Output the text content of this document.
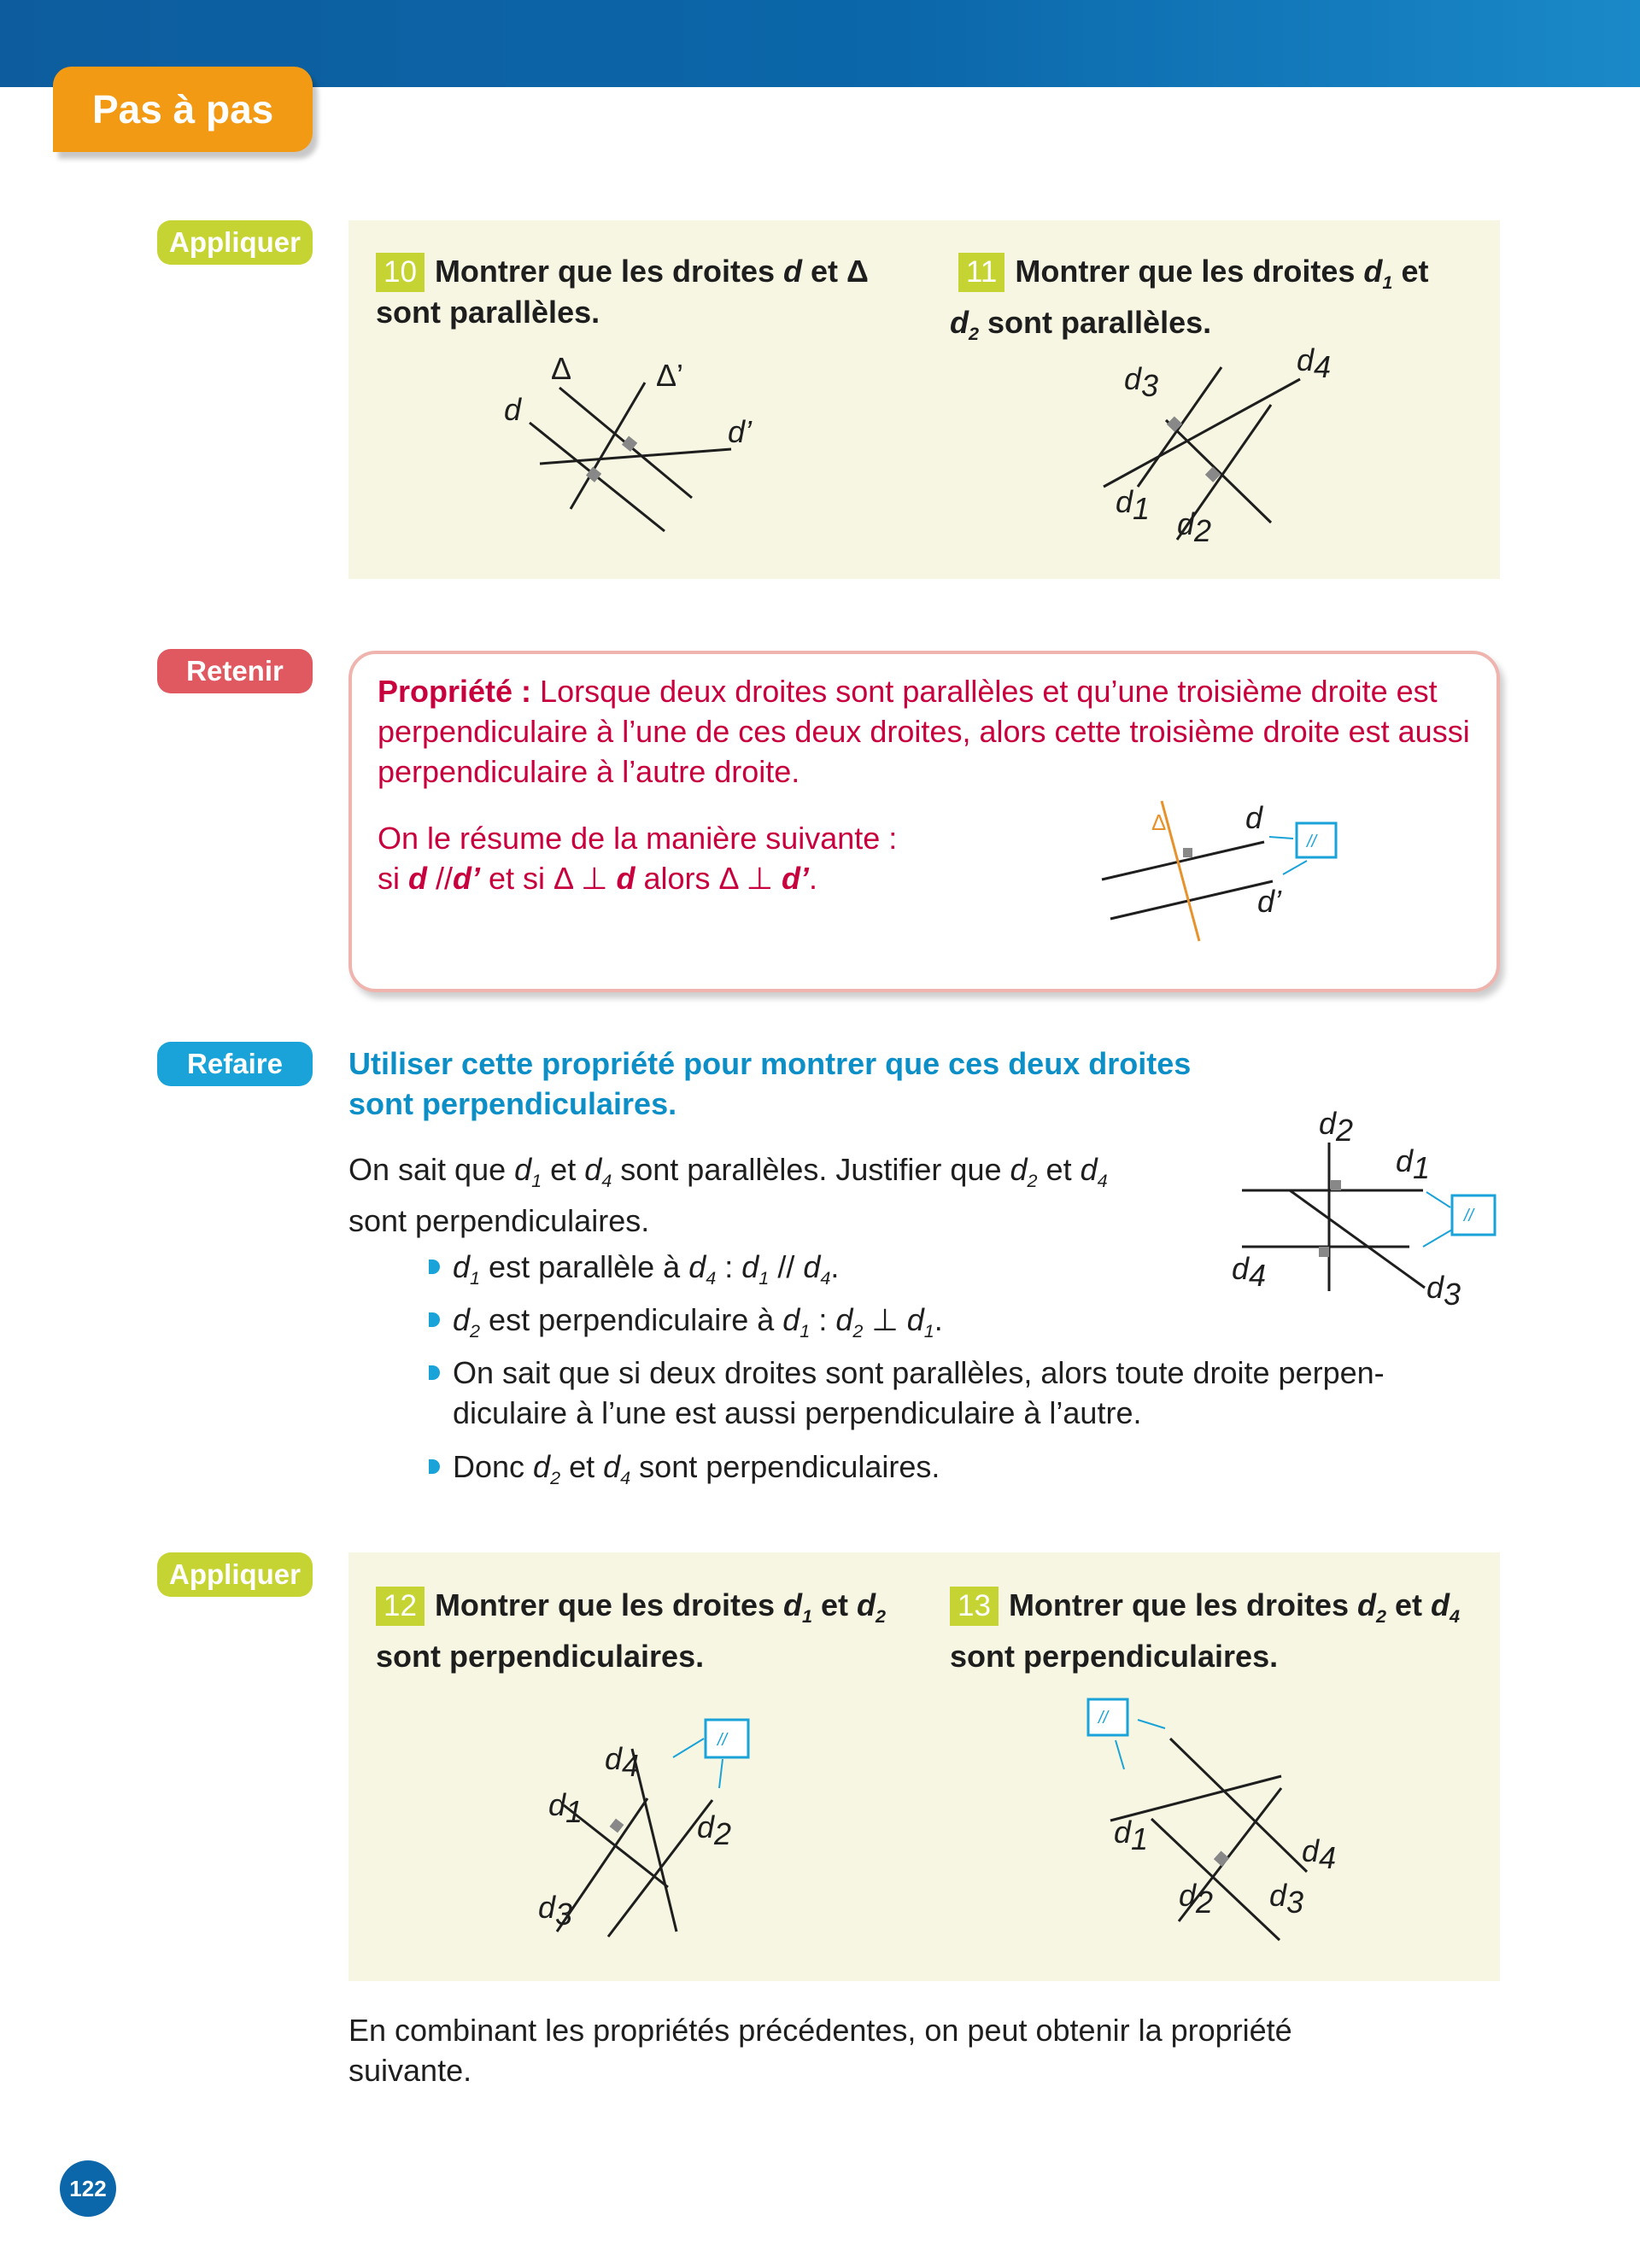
Pas à pas
Appliquer
10 Montrer que les droites d et Δ
sont parallèles.
11 Montrer que les droites $d_1$ et
$d_2$ sont parallèles.
Δ	Δ’
d
d’
d4
d3
d1 d2
Retenir
Propriété : Lorsque deux droites sont parallèles et qu’une troisième droite est perpendiculaire à l’une de ces deux droites, alors cette troisième droite est aussi perpendiculaire à l’autre droite.
On le résume de la manière suivante :
si d //d’ et si Δ ⊥ d alors Δ ⊥ d’.
Δ	d
d’
//
Refaire	Utiliser cette propriété pour montrer que ces deux droites sont perpendiculaires.
On sait que $d_1$ et $d_4$ sont parallèles. Justifier que $d_2$ et $d_4$
sont perpendiculaires.
$d_1$ est parallèle à $d_4$ : $d_1 // d_4$.
$d_2$ est perpendiculaire à $d_1$ : $d_2$ ⊥ $d_1$.
On sait que si deux droites sont parallèles, alors toute droite perpen-diculaire à l’une est aussi perpendiculaire à l’autre.
Donc $d_2$ et $d_4$ sont perpendiculaires.
d2
d1
d4	d3
//
Appliquer
12 Montrer que les droites $d_1$ et $d_2$
sont perpendiculaires.
13 Montrer que les droites $d_2$ et $d_4$
sont perpendiculaires.
d4
d1	d2
d3
//
//
d1	d4
d2 d3
En combinant les propriétés précédentes, on peut obtenir la propriété suivante.
122
